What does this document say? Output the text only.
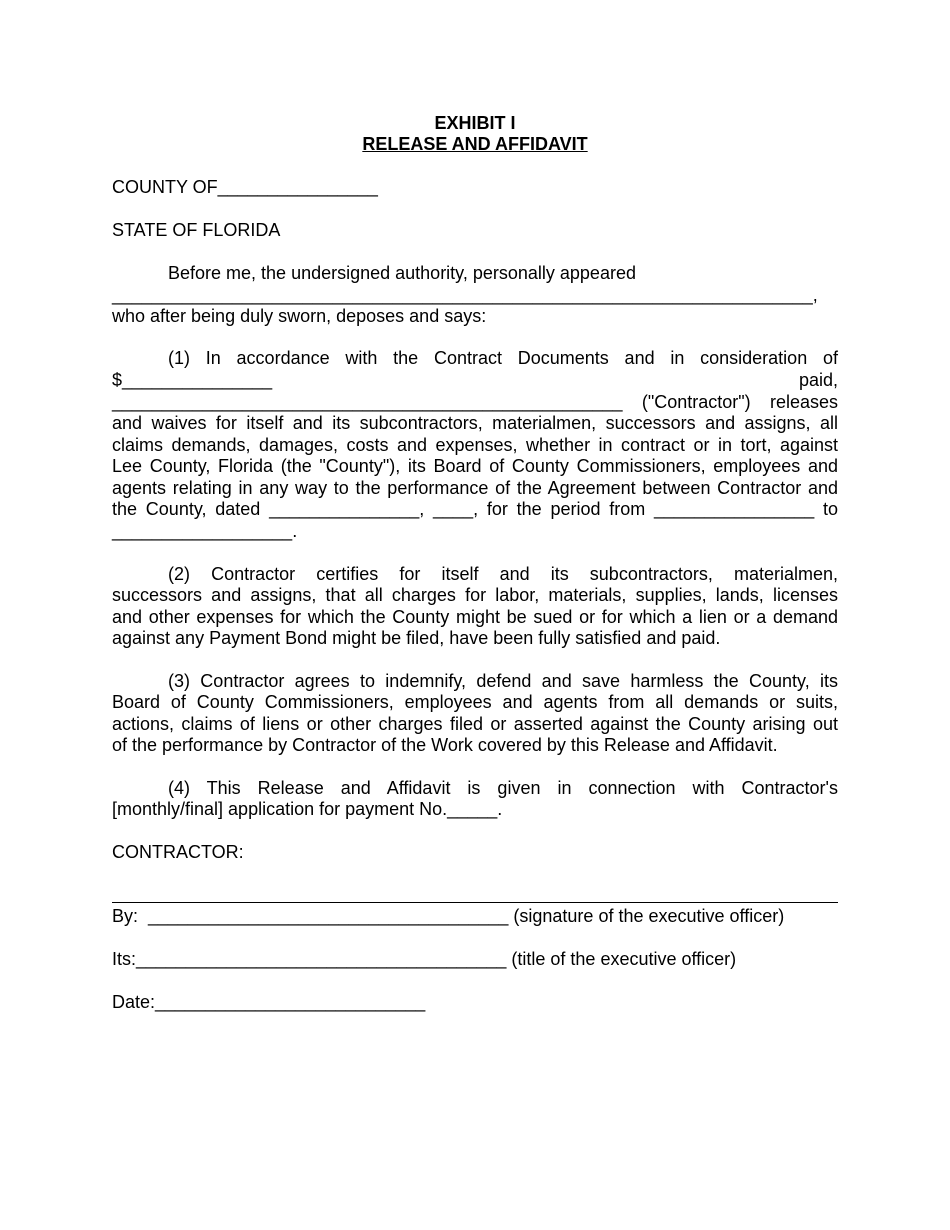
EXHIBIT I
RELEASE AND AFFIDAVIT
COUNTY OF________________
STATE OF FLORIDA
Before me, the undersigned authority, personally appeared
______________________________________________________________________,
who after being duly sworn, deposes and says:
(1) In accordance with the Contract Documents and in consideration of
$_______________	paid,
___________________________________________________ ("Contractor") releases
and waives for itself and its subcontractors, materialmen, successors and assigns, all
claims demands, damages, costs and expenses, whether in contract or in tort, against
Lee County, Florida (the "County"), its Board of County Commissioners, employees and
agents relating in any way to the performance of the Agreement between Contractor and
the County, dated _______________, ____, for the period from ________________ to
__________________.
(2) Contractor certifies for itself and its subcontractors, materialmen,
successors and assigns, that all charges for labor, materials, supplies, lands, licenses
and other expenses for which the County might be sued or for which a lien or a demand
against any Payment Bond might be filed, have been fully satisfied and paid.
(3) Contractor agrees to indemnify, defend and save harmless the County, its
Board of County Commissioners, employees and agents from all demands or suits,
actions, claims of liens or other charges filed or asserted against the County arising out
of the performance by Contractor of the Work covered by this Release and Affidavit.
(4) This Release and Affidavit is given in connection with Contractor's
[monthly/final] application for payment No._____.
CONTRACTOR:
By:  ____________________________________ (signature of the executive officer)
Its:_____________________________________ (title of the executive officer)
Date:___________________________
